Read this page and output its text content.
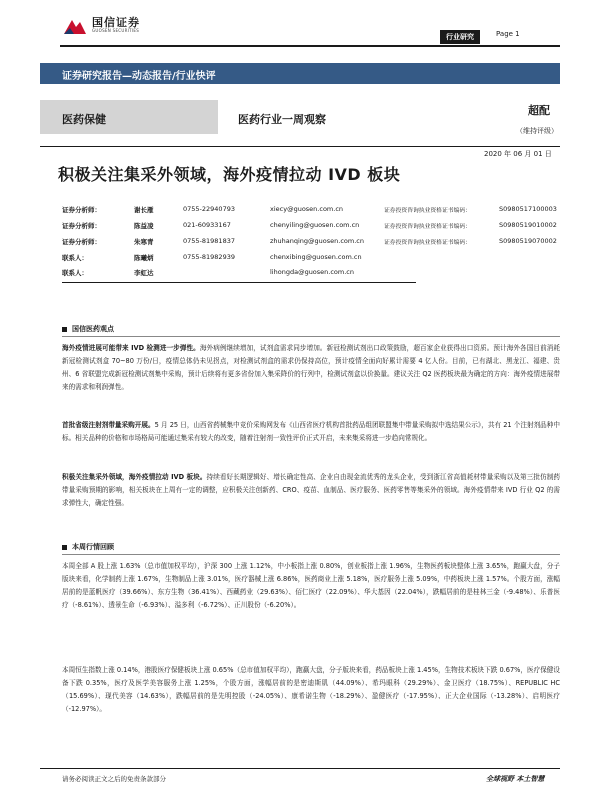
国信证券
GUOSEN SECURITIES
行业研究	Page 1
证券研究报告—动态报告/行业快评
医药保健	医药行业一周观察
超配
（维持评级）
2020 年 06 月 01 日
积极关注集采外领域，海外疫情拉动 IVD 板块
证券分析师：	谢长雁	0755-22940793	xiecy@guosen.com.cn	证券投资咨询执业资格证书编码：	S0980517100003
证券分析师：	陈益凌	021-60933167	chenyiling@guosen.com.cn	证券投资咨询执业资格证书编码：	S0980519010002
证券分析师：	朱寒青	0755-81981837	zhuhanqing@guosen.com.cn	证券投资咨询执业资格证书编码：	S0980519070002
联系人：	陈曦炳	0755-81982939	chenxibing@guosen.com.cn
联系人：	李虹达	lihongda@guosen.com.cn
国信医药观点
海外疫情进展可能带来 IVD 检测进一步弹性。海外病例继续增加，试剂盒需求同步增加。新冠检测试剂出口政策鼓励，超百家企业获得出口资质。预计海外各国目前消耗新冠检测试剂盒 70~80 万份/日，疫情总体仍未见拐点，对检测试剂盒的需求仍保持高位，预计疫情全面向好累计需要 4 亿人份。目前，已有湖北、黑龙江、福建、贵州、6 省联盟完成新冠检测试剂集中采购，预计后续将有更多省份加入集采降价的行列中，检测试剂盒以价换量。建议关注 Q2 医药板块最为确定的方向：海外疫情进展带来的需求和利润弹性。
首批省级注射剂带量采购开展。5 月 25 日，山西省药械集中竞价采购网发布《山西省医疗机构首批药品组团联盟集中带量采购拟中选结果公示》，共有 21 个注射剂品种中标。相关品种的价格和市场格局可能通过集采有较大的改变，随着注射剂一致性评价正式开启，未来集采将进一步趋向常规化。
积极关注集采外领域，海外疫情拉动 IVD 板块。持续看好长期逻辑好、增长确定性高、企业自由现金流优秀的龙头企业，受到浙江省高值耗材带量采购以及第三批仿制药带量采购预期的影响，相关板块在上周有一定的调整，应积极关注创新药、CRO、疫苗、血制品、医疗服务、医药零售等集采外的领域。海外疫情带来 IVD 行业 Q2 的需求弹性大，确定性强。
本周行情回顾
本周全部 A 股上涨 1.63%（总市值加权平均），沪深 300 上涨 1.12%，中小板指上涨 0.80%，创业板指上涨 1.96%，生物医药板块整体上涨 3.65%，跑赢大盘，分子版块来看，化学制药上涨 1.67%，生物制品上涨 3.01%，医疗器械上涨 6.86%，医药商业上涨 5.18%，医疗服务上涨 5.09%，中药板块上涨 1.57%。个股方面，涨幅居前的是蓝帆医疗（39.66%）、东方生物（36.41%）、西藏药业（29.63%）、佰仁医疗（22.09%）、华大基因（22.04%），跌幅居前的是桂林三金（-9.48%）、乐普医疗（-8.61%）、透景生命（-6.93%）、溢多利（-6.72%）、正川股份（-6.20%）。
本周恒生指数上涨 0.14%，港股医疗保健板块上涨 0.65%（总市值加权平均），跑赢大盘，分子版块来看，药品板块上涨 1.45%，生物技术板块下跌 0.67%，医疗保健设备下跌 0.35%，医疗及医学美容服务上涨 1.25%，个股方面，涨幅居前的是密迪斯肌（44.09%）、希玛眼科（29.29%）、金卫医疗（18.75%）、REPUBLIC HC（15.69%）、现代美容（14.63%），跌幅居前的是先明控股（-24.05%）、康希诺生物（-18.29%）、盈健医疗（-17.95%）、正大企业国际（-13.28%）、启明医疗（-12.97%）。
请务必阅读正文之后的免责条款部分	全球视野 本土智慧
